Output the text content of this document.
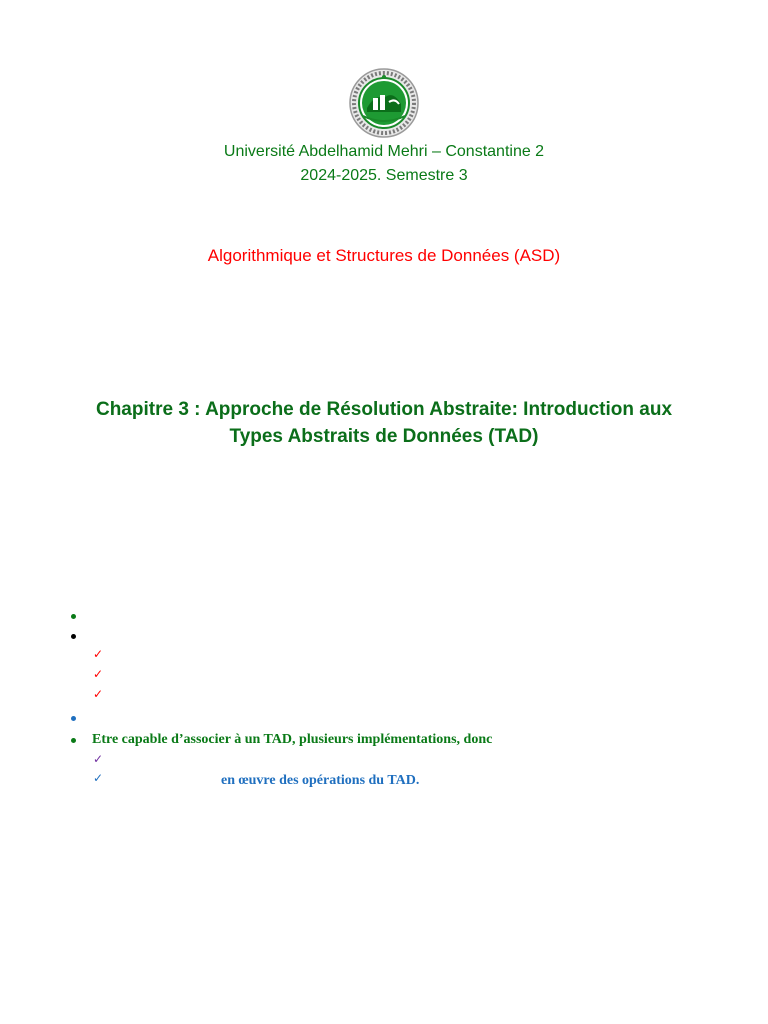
Université Abdelhamid Mehri – Constantine 2
2024-2025. Semestre 3
Algorithmique et Structures de Données (ASD)
Chapitre 3 : Approche de Résolution Abstraite: Introduction aux
Types Abstraits de Données (TAD)
✓
✓
✓
Etre capable d’associer à un TAD, plusieurs implémentations, donc
✓
✓	en œuvre des opérations du TAD.
